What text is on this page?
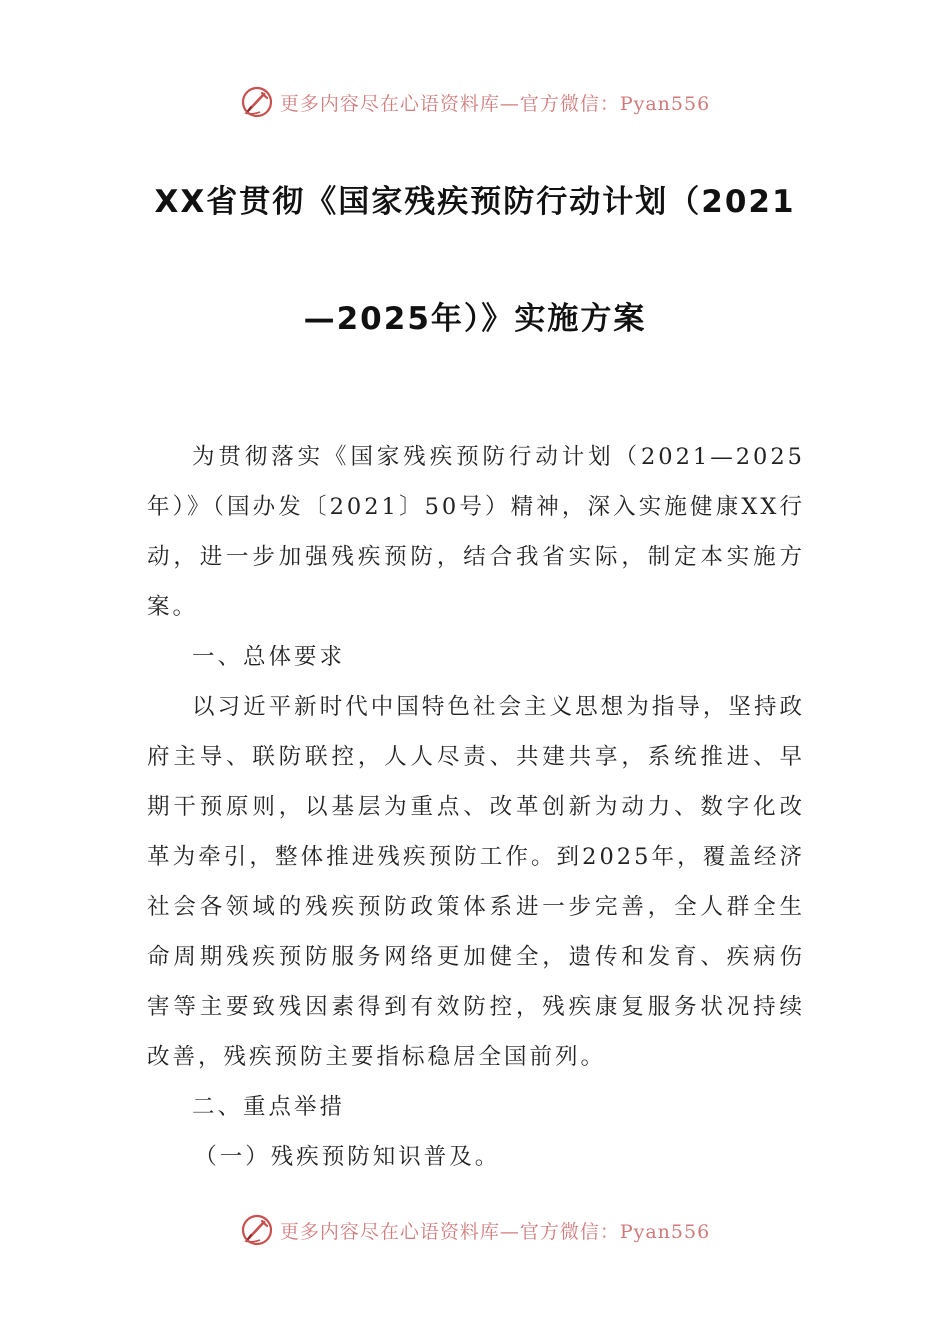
更多内容尽在心语资料库—官方微信：Pyan556
XX省贯彻《国家残疾预防行动计划（2021
—2025年）》实施方案

为贯彻落实《国家残疾预防行动计划（2021—2025年）》（国办发〔2021〕50号）精神，深入实施健康XX行动，进一步加强残疾预防，结合我省实际，制定本实施方案。

一、总体要求

以习近平新时代中国特色社会主义思想为指导，坚持政府主导、联防联控，人人尽责、共建共享，系统推进、早期干预原则，以基层为重点、改革创新为动力、数字化改革为牵引，整体推进残疾预防工作。到2025年，覆盖经济社会各领域的残疾预防政策体系进一步完善，全人群全生命周期残疾预防服务网络更加健全，遗传和发育、疾病伤害等主要致残因素得到有效防控，残疾康复服务状况持续改善，残疾预防主要指标稳居全国前列。

二、重点举措

（一）残疾预防知识普及。

更多内容尽在心语资料库—官方微信：Pyan556
